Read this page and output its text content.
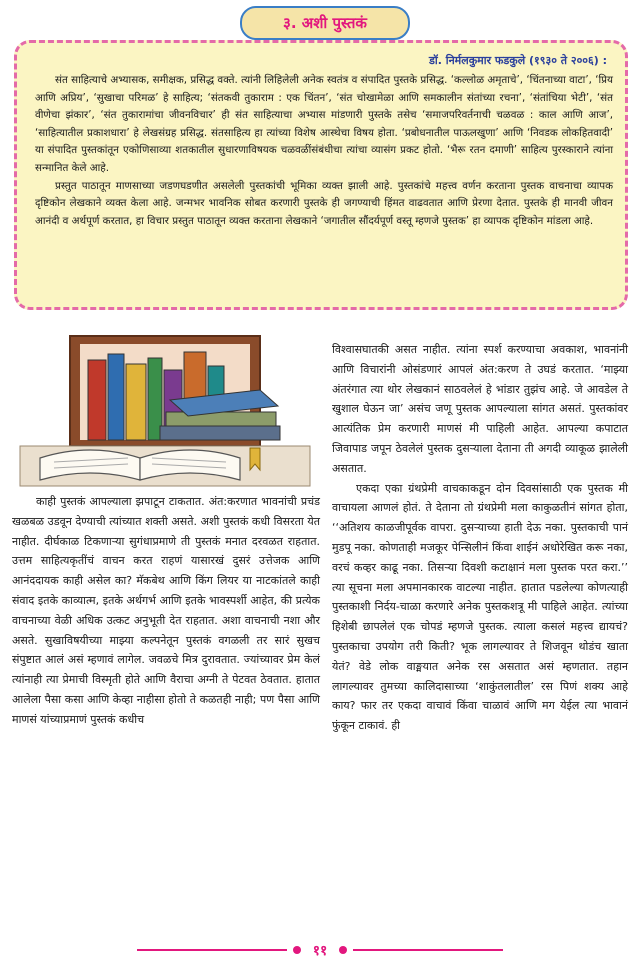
३. अशी पुस्तकं
डॉ. निर्मलकुमार फडकुले (१९३० ते २००६) :

संत साहित्याचे अभ्यासक, समीक्षक, प्रसिद्ध वक्ते. त्यांनी लिहिलेली अनेक स्वतंत्र व संपादित पुस्तके प्रसिद्ध. ‘कल्लोळ अमृताचे’, ‘चिंतनाच्या वाटा’, ‘प्रिय आणि अप्रिय’, ‘सुखाचा परिमळ’ हे साहित्य; ‘संतकवी तुकाराम : एक चिंतन’, ‘संत चोखामेळा आणि समकालीन संतांच्या रचना’, ‘संतांचिया भेटी’, ‘संत वीणेचा झंकार’, ‘संत तुकारामांचा जीवनविचार’ ही संत साहित्याचा अभ्यास मांडणारी पुस्तके तसेच ‘समाजपरिवर्तनाची चळवळ : काल आणि आज’, ‘साहित्यातील प्रकाशधारा’ हे लेखसंग्रह प्रसिद्ध. संतसाहित्य हा त्यांच्या विशेष आस्थेचा विषय होता. ‘प्रबोधनातील पाऊलखुणा’ आणि ‘निवडक लोकहितवादी’ या संपादित पुस्तकांतून एकोणिसाव्या शतकातील सुधारणाविषयक चळवळींसंबंधीचा त्यांचा व्यासंग प्रकट होतो. ‘भैरू रतन दमाणी’ साहित्य पुरस्काराने त्यांना सन्मानित केले आहे.

प्रस्तुत पाठातून माणसाच्या जडणघडणीत असलेली पुस्तकांची भूमिका व्यक्त झाली आहे. पुस्तकांचे महत्त्व वर्णन करताना पुस्तक वाचनाचा व्यापक दृष्टिकोन लेखकाने व्यक्त केला आहे. जन्मभर भावनिक सोबत करणारी पुस्तके ही जगण्याची हिंमत वाढवतात आणि प्रेरणा देतात. पुस्तके ही मानवी जीवन आनंदी व अर्थपूर्ण करतात, हा विचार प्रस्तुत पाठातून व्यक्त करताना लेखकाने ‘जगातील सौंदर्यपूर्ण वस्तू म्हणजे पुस्तक’ हा व्यापक दृष्टिकोन मांडला आहे.

काही पुस्तकं आपल्याला झपाटून टाकतात. अंत:करणात भावनांची प्रचंड खळबळ उडवून देण्याची त्यांच्यात शक्ती असते. अशी पुस्तकं कधी विसरता येत नाहीत. दीर्घकाळ टिकणाऱ्या सुगंधाप्रमाणे ती पुस्तकं मनात दरवळत राहतात. उत्तम साहित्यकृतींचं वाचन करत राहणं यासारखं दुसरं उत्तेजक आणि आनंददायक काही असेल का? मॅकबेथ आणि किंग लियर या नाटकांतले काही संवाद इतके काव्यात्म, इतके अर्थगर्भ आणि इतके भावस्पर्शी आहेत, की प्रत्येक वाचनाच्या वेळी अधिक उत्कट अनुभूती देत राहतात. अशा वाचनाची नशा और असते. सुखाविषयीच्या माझ्या कल्पनेतून पुस्तकं वगळली तर सारं सुखच संपुष्टात आलं असं म्हणावं लागेल. जवळचे मित्र दुरावतात. ज्यांच्यावर प्रेम केलं त्यांनाही त्या प्रेमाची विस्मृती होते आणि वैराचा अग्नी ते पेटवत ठेवतात. हातात आलेला पैसा कसा आणि केव्हा नाहीसा होतो ते कळतही नाही; पण पैसा आणि माणसं यांच्याप्रमाणं पुस्तकं कधीच

विश्वासघातकी असत नाहीत. त्यांना स्पर्श करण्याचा अवकाश, भावनांनी आणि विचारांनी ओसंडणारं आपलं अंत:करण ते उघडं करतात. ‘माझ्या अंतरंगात त्या थोर लेखकानं साठवलेलं हे भांडार तुझंच आहे. जे आवडेल ते खुशाल घेऊन जा’ असंच जणू पुस्तक आपल्याला सांगत असतं. पुस्तकांवर आत्यंतिक प्रेम करणारी माणसं मी पाहिली आहेत. आपल्या कपाटात जिवापाड जपून ठेवलेलं पुस्तक दुसऱ्याला देताना ती अगदी व्याकूळ झालेली असतात.

एकदा एका ग्रंथप्रेमी वाचकाकडून दोन दिवसांसाठी एक पुस्तक मी वाचायला आणलं होतं. ते देताना तो ग्रंथप्रेमी मला काकुळतीनं सांगत होता, ‘‘अतिशय काळजीपूर्वक वापरा. दुसऱ्याच्या हाती देऊ नका. पुस्तकाची पानं मुडपू नका. कोणताही मजकूर पेन्सिलीनं किंवा शाईनं अधोरेखित करू नका, वरचं कव्हर काढू नका. तिसऱ्या दिवशी कटाक्षानं मला पुस्तक परत करा.’’ त्या सूचना मला अपमानकारक वाटल्या नाहीत. हातात पडलेल्या कोणत्याही पुस्तकाशी निर्दय-चाळा करणारे अनेक पुस्तकशत्रू मी पाहिले आहेत. त्यांच्या हिशेबी छापलेलं एक चोपडं म्हणजे पुस्तक. त्याला कसलं महत्त्व द्यायचं? पुस्तकाचा उपयोग तरी किती? भूक लागल्यावर ते शिजवून थोडंच खाता येतं? वेडे लोक वाङ्मयात अनेक रस असतात असं म्हणतात. तहान लागल्यावर तुमच्या कालिदासाच्या ‘शाकुंतलातील’ रस पिणं शक्य आहे काय? फार तर एकदा वाचावं किंवा चाळावं आणि मग येईल त्या भावानं फुंकून टाकावं. ही

११
